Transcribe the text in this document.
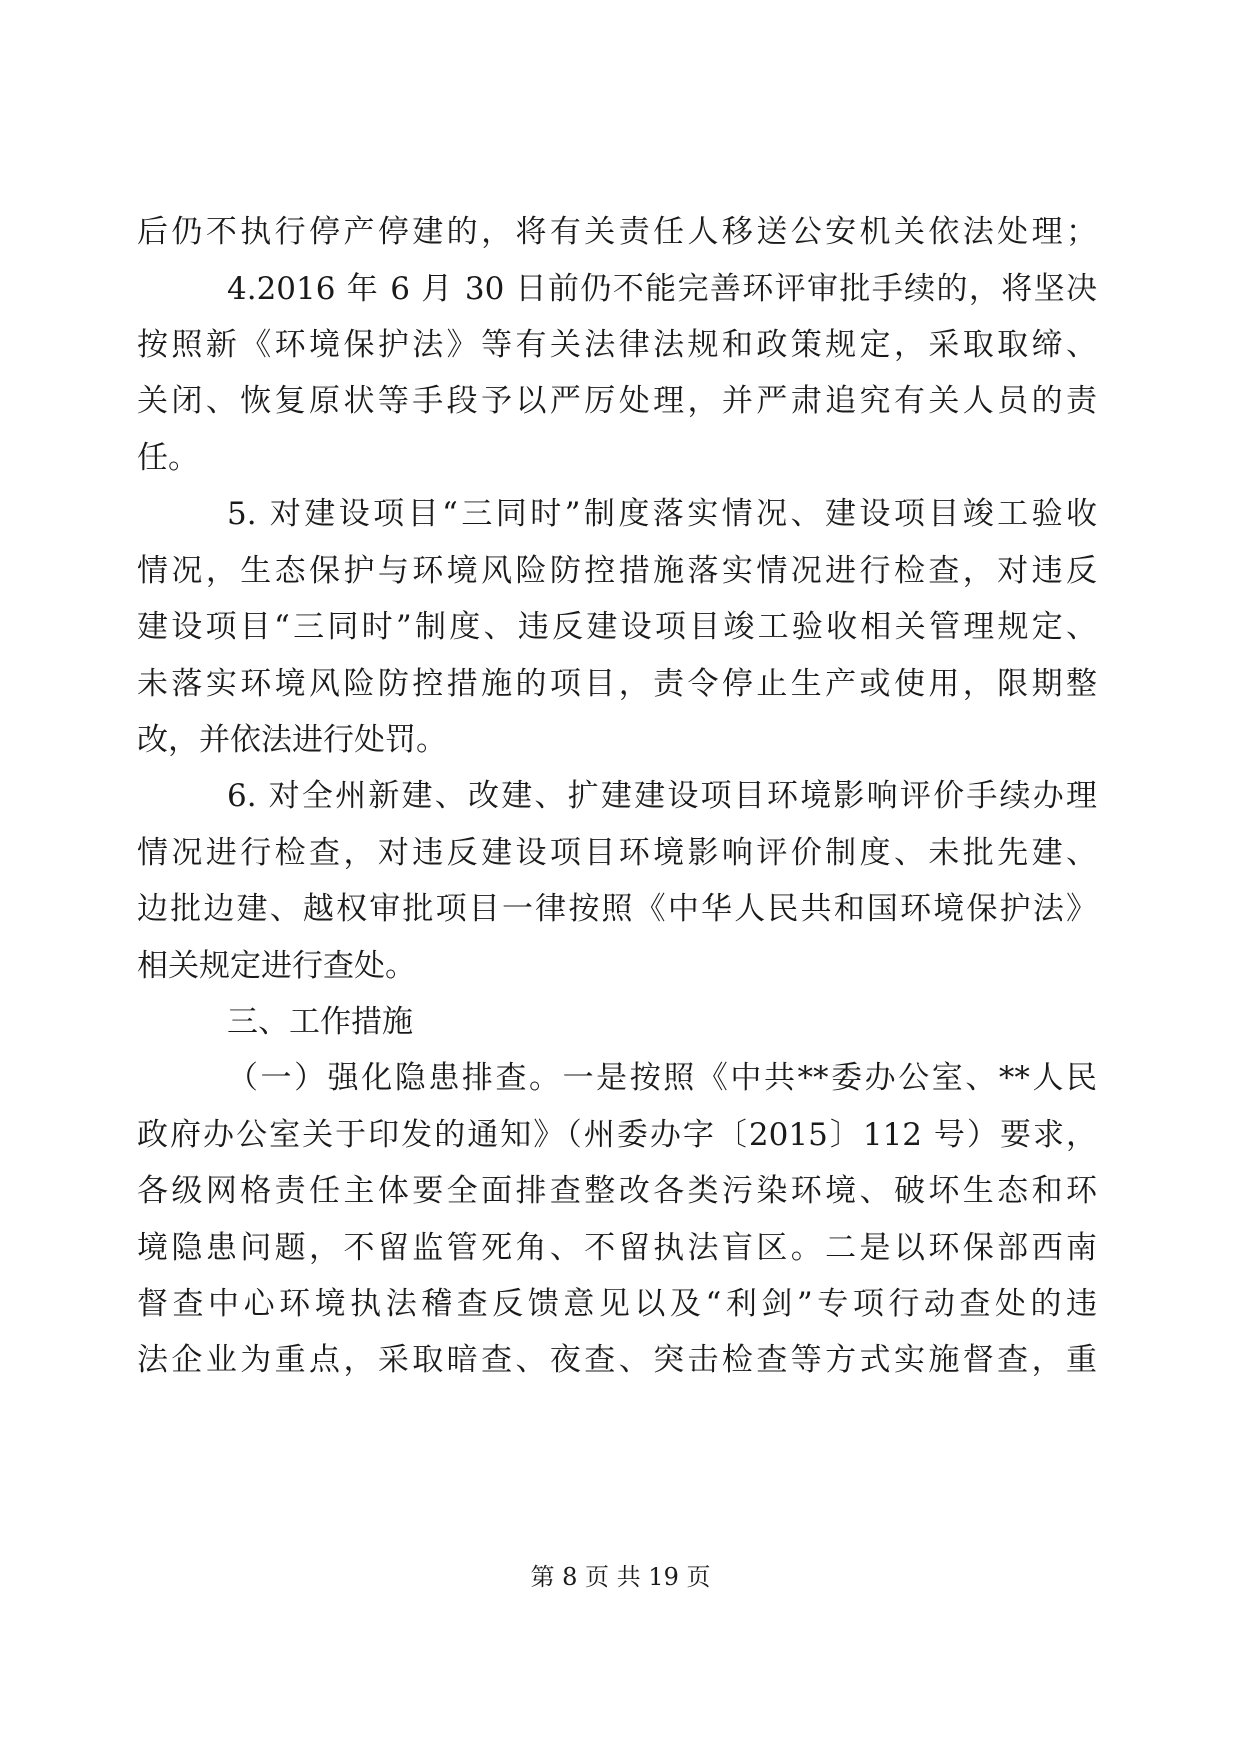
后仍不执行停产停建的，将有关责任人移送公安机关依法处理；
4.2016 年 6 月 30 日前仍不能完善环评审批手续的，将坚决
按照新《环境保护法》等有关法律法规和政策规定，采取取缔、
关闭、恢复原状等手段予以严厉处理，并严肃追究有关人员的责
任。
5. 对建设项目“三同时”制度落实情况、建设项目竣工验收
情况，生态保护与环境风险防控措施落实情况进行检查，对违反
建设项目“三同时”制度、违反建设项目竣工验收相关管理规定、
未落实环境风险防控措施的项目，责令停止生产或使用，限期整
改，并依法进行处罚。
6. 对全州新建、改建、扩建建设项目环境影响评价手续办理
情况进行检查，对违反建设项目环境影响评价制度、未批先建、
边批边建、越权审批项目一律按照《中华人民共和国环境保护法》
相关规定进行查处。
三、工作措施
（一）强化隐患排查。一是按照《中共**委办公室、**人民
政府办公室关于印发的通知》（州委办字〔2015〕112 号）要求，
各级网格责任主体要全面排查整改各类污染环境、破坏生态和环
境隐患问题，不留监管死角、不留执法盲区。二是以环保部西南
督查中心环境执法稽查反馈意见以及“利剑”专项行动查处的违
法企业为重点，采取暗查、夜查、突击检查等方式实施督查，重
第 8 页 共 19 页
